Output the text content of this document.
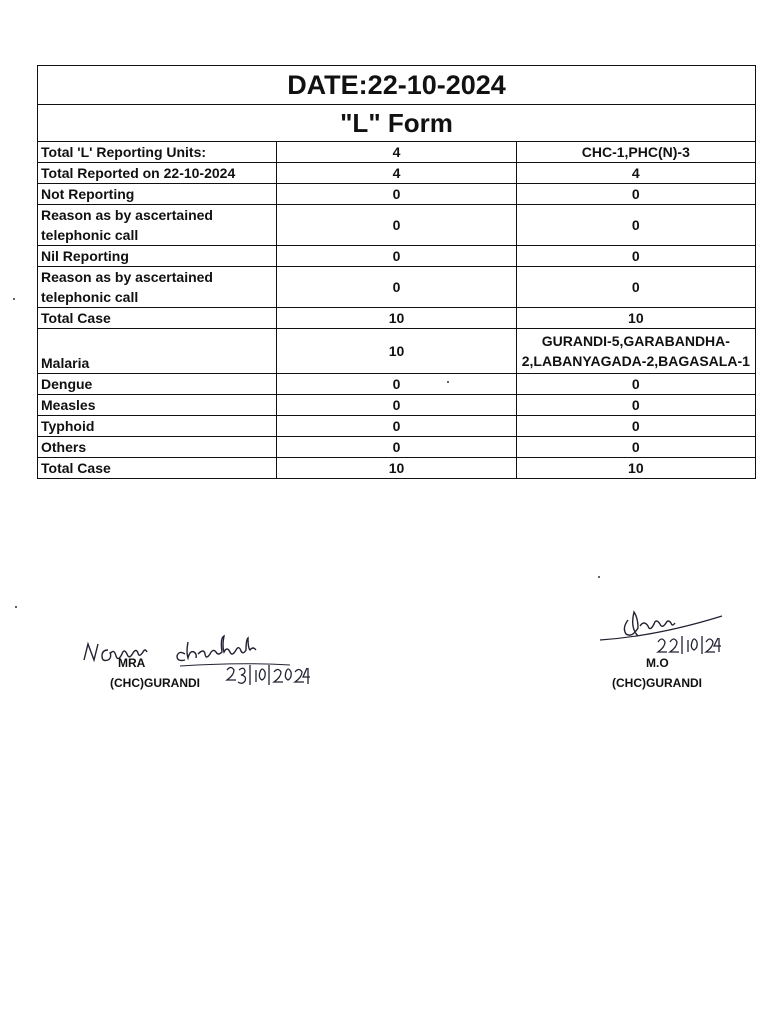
DATE:22-10-2024		
"L" Form		
Total 'L' Reporting Units:	4	CHC-1,PHC(N)-3
Total Reported on 22-10-2024	4	4
Not Reporting	0	0
Reason as by ascertained telephonic call	0	0
Nil Reporting	0	0
Reason as by ascertained telephonic call	0	0
Total Case	10	10
Malaria	10	GURANDI-5,GARABANDHA-2,LABANYAGADA-2,BAGASALA-1
Dengue	0	0
Measles	0	0
Typhoid	0	0
Others	0	0
Total Case	10	10
MRA
(CHC)GURANDI
M.O
(CHC)GURANDI
